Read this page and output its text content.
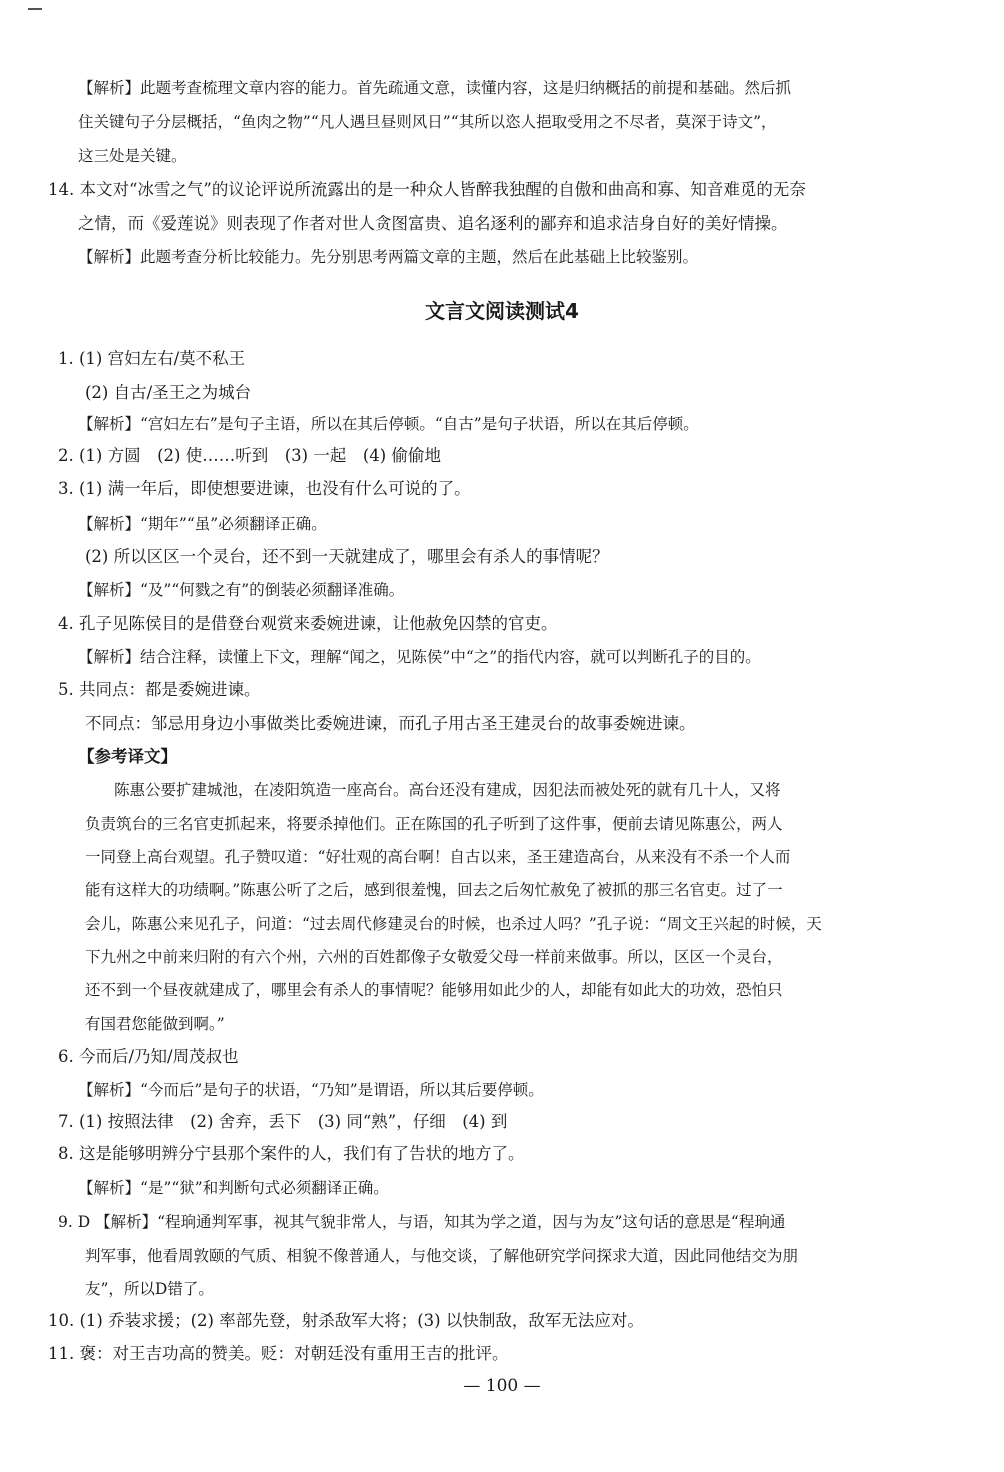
【解析】此题考查梳理文章内容的能力。首先疏通文意，读懂内容，这是归纳概括的前提和基础。然后抓
住关键句子分层概括，“鱼肉之物”“凡人遇旦昼则风日”“其所以恣人挹取受用之不尽者，莫深于诗文”，
这三处是关键。
14. 本文对“冰雪之气”的议论评说所流露出的是一种众人皆醉我独醒的自傲和曲高和寡、知音难觅的无奈
之情，而《爱莲说》则表现了作者对世人贪图富贵、追名逐利的鄙弃和追求洁身自好的美好情操。
【解析】此题考查分析比较能力。先分别思考两篇文章的主题，然后在此基础上比较鉴别。
文言文阅读测试4
1. (1) 宫妇左右/莫不私王
(2) 自古/圣王之为城台
【解析】“宫妇左右”是句子主语，所以在其后停顿。“自古”是句子状语，所以在其后停顿。
2. (1) 方圆　(2) 使……听到　(3) 一起　(4) 偷偷地
3. (1) 满一年后，即使想要进谏，也没有什么可说的了。
【解析】“期年”“虽”必须翻译正确。
(2) 所以区区一个灵台，还不到一天就建成了，哪里会有杀人的事情呢？
【解析】“及”“何戮之有”的倒装必须翻译准确。
4. 孔子见陈侯目的是借登台观赏来委婉进谏，让他赦免囚禁的官吏。
【解析】结合注释，读懂上下文，理解“闻之，见陈侯”中“之”的指代内容，就可以判断孔子的目的。
5. 共同点：都是委婉进谏。
不同点：邹忌用身边小事做类比委婉进谏，而孔子用古圣王建灵台的故事委婉进谏。
【参考译文】
陈惠公要扩建城池，在凌阳筑造一座高台。高台还没有建成，因犯法而被处死的就有几十人，又将
负责筑台的三名官吏抓起来，将要杀掉他们。正在陈国的孔子听到了这件事，便前去请见陈惠公，两人
一同登上高台观望。孔子赞叹道：“好壮观的高台啊！自古以来，圣王建造高台，从来没有不杀一个人而
能有这样大的功绩啊。”陈惠公听了之后，感到很羞愧，回去之后匆忙赦免了被抓的那三名官吏。过了一
会儿，陈惠公来见孔子，问道：“过去周代修建灵台的时候，也杀过人吗？”孔子说：“周文王兴起的时候，天
下九州之中前来归附的有六个州，六州的百姓都像子女敬爱父母一样前来做事。所以，区区一个灵台，
还不到一个昼夜就建成了，哪里会有杀人的事情呢？能够用如此少的人，却能有如此大的功效，恐怕只
有国君您能做到啊。”
6. 今而后/乃知/周茂叔也
【解析】“今而后”是句子的状语，“乃知”是谓语，所以其后要停顿。
7. (1) 按照法律　(2) 舍弃，丢下　(3) 同“熟”，仔细　(4) 到
8. 这是能够明辨分宁县那个案件的人，我们有了告状的地方了。
【解析】“是”“狱”和判断句式必须翻译正确。
9. D 【解析】“程珦通判军事，视其气貌非常人，与语，知其为学之道，因与为友”这句话的意思是“程珦通
判军事，他看周敦颐的气质、相貌不像普通人，与他交谈，了解他研究学问探求大道，因此同他结交为朋
友”，所以D错了。
10. (1) 乔装求援；(2) 率部先登，射杀敌军大将；(3) 以快制敌，敌军无法应对。
11. 褒：对王吉功高的赞美。贬：对朝廷没有重用王吉的批评。
— 100 —
